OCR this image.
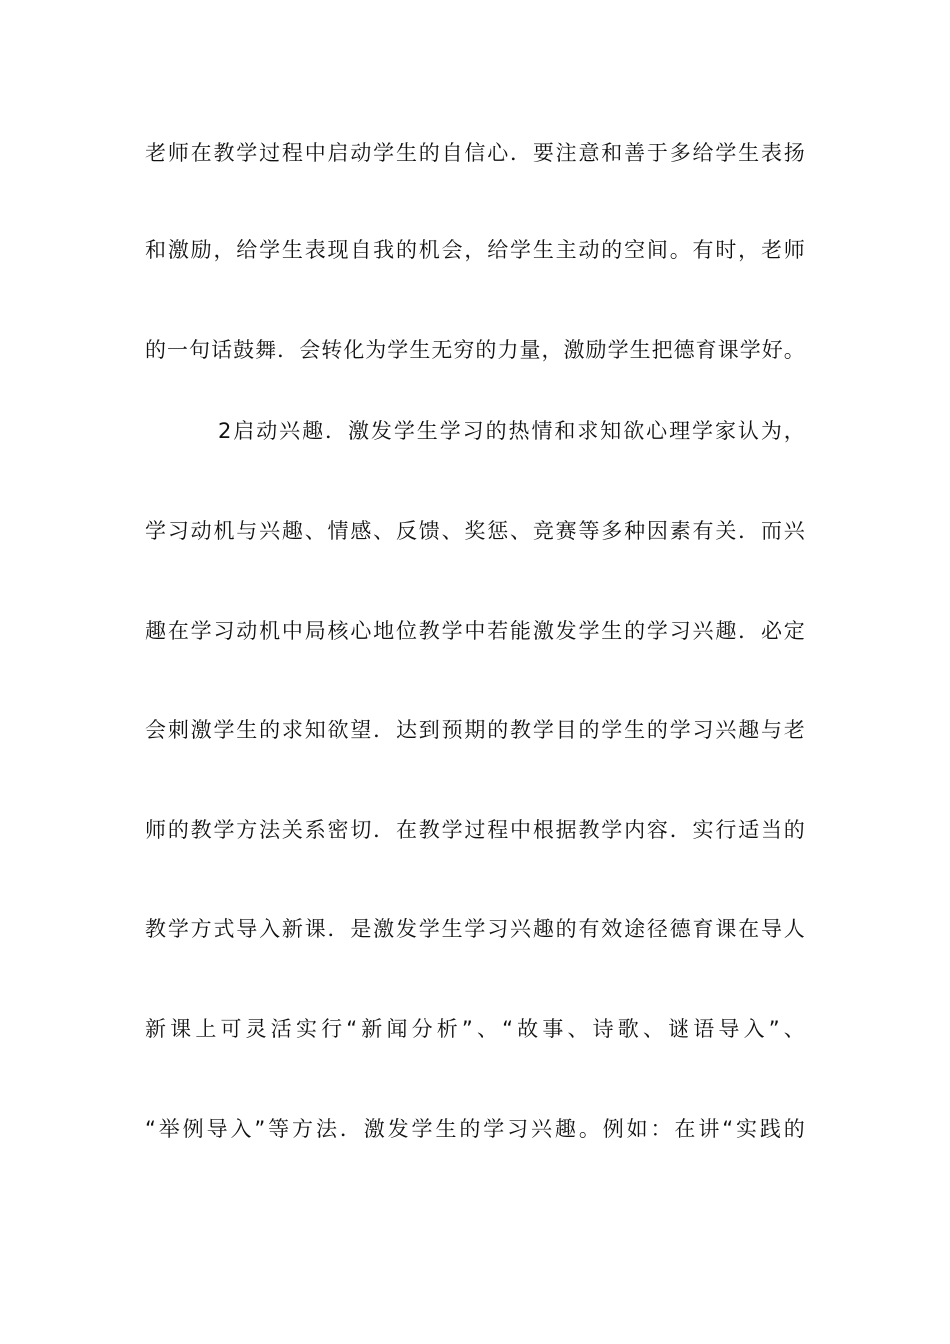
老师在教学过程中启动学生的自信心．要注意和善于多给学生表扬
和激励，给学生表现自我的机会，给学生主动的空间。有时，老师
的一句话鼓舞．会转化为学生无穷的力量，激励学生把德育课学好。
2启动兴趣．激发学生学习的热情和求知欲心理学家认为，
学习动机与兴趣、情感、反馈、奖惩、竞赛等多种因素有关．而兴
趣在学习动机中局核心地位教学中若能激发学生的学习兴趣．必定
会刺激学生的求知欲望．达到预期的教学目的学生的学习兴趣与老
师的教学方法关系密切．在教学过程中根据教学内容．实行适当的
教学方式导入新课．是激发学生学习兴趣的有效途径德育课在导人
新课上可灵活实行“新闻分析”、“故事、诗歌、谜语导入”、
“举例导入”等方法．激发学生的学习兴趣。例如：在讲“实践的
